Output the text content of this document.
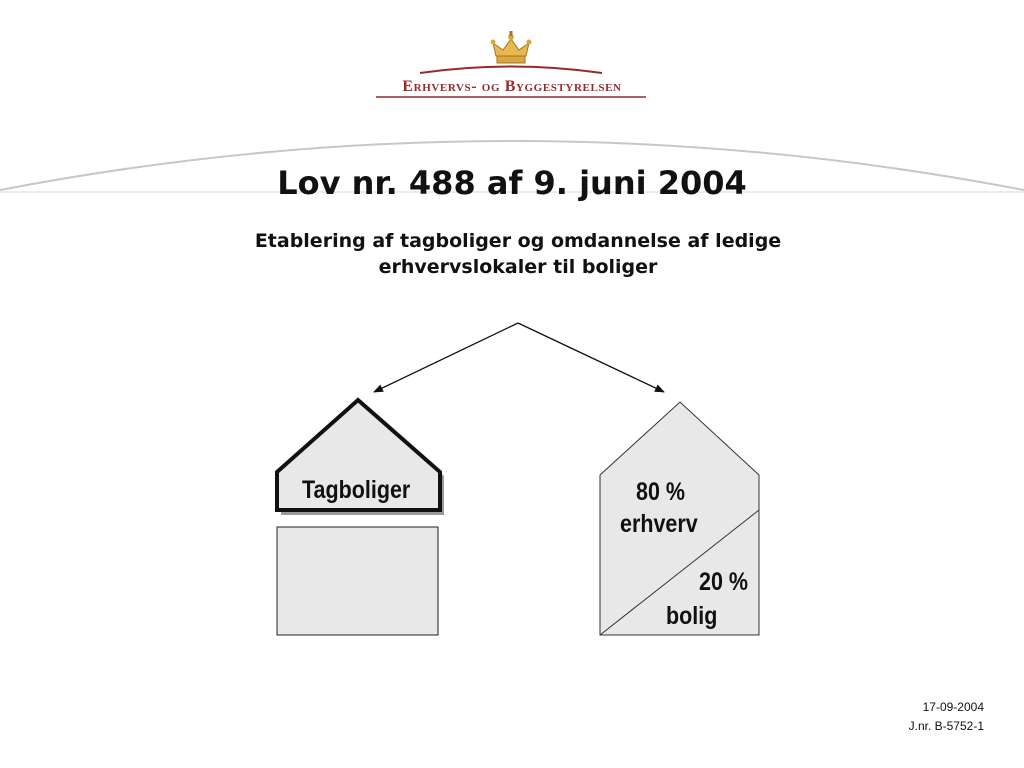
Erhvervs- og Byggestyrelsen
Lov nr. 488 af 9. juni 2004
Etablering af tagboliger og omdannelse af ledige erhvervslokaler til boliger
Tagboliger	80 %
erhverv
20 %
bolig
17-09-2004
J.nr. B-5752-1
